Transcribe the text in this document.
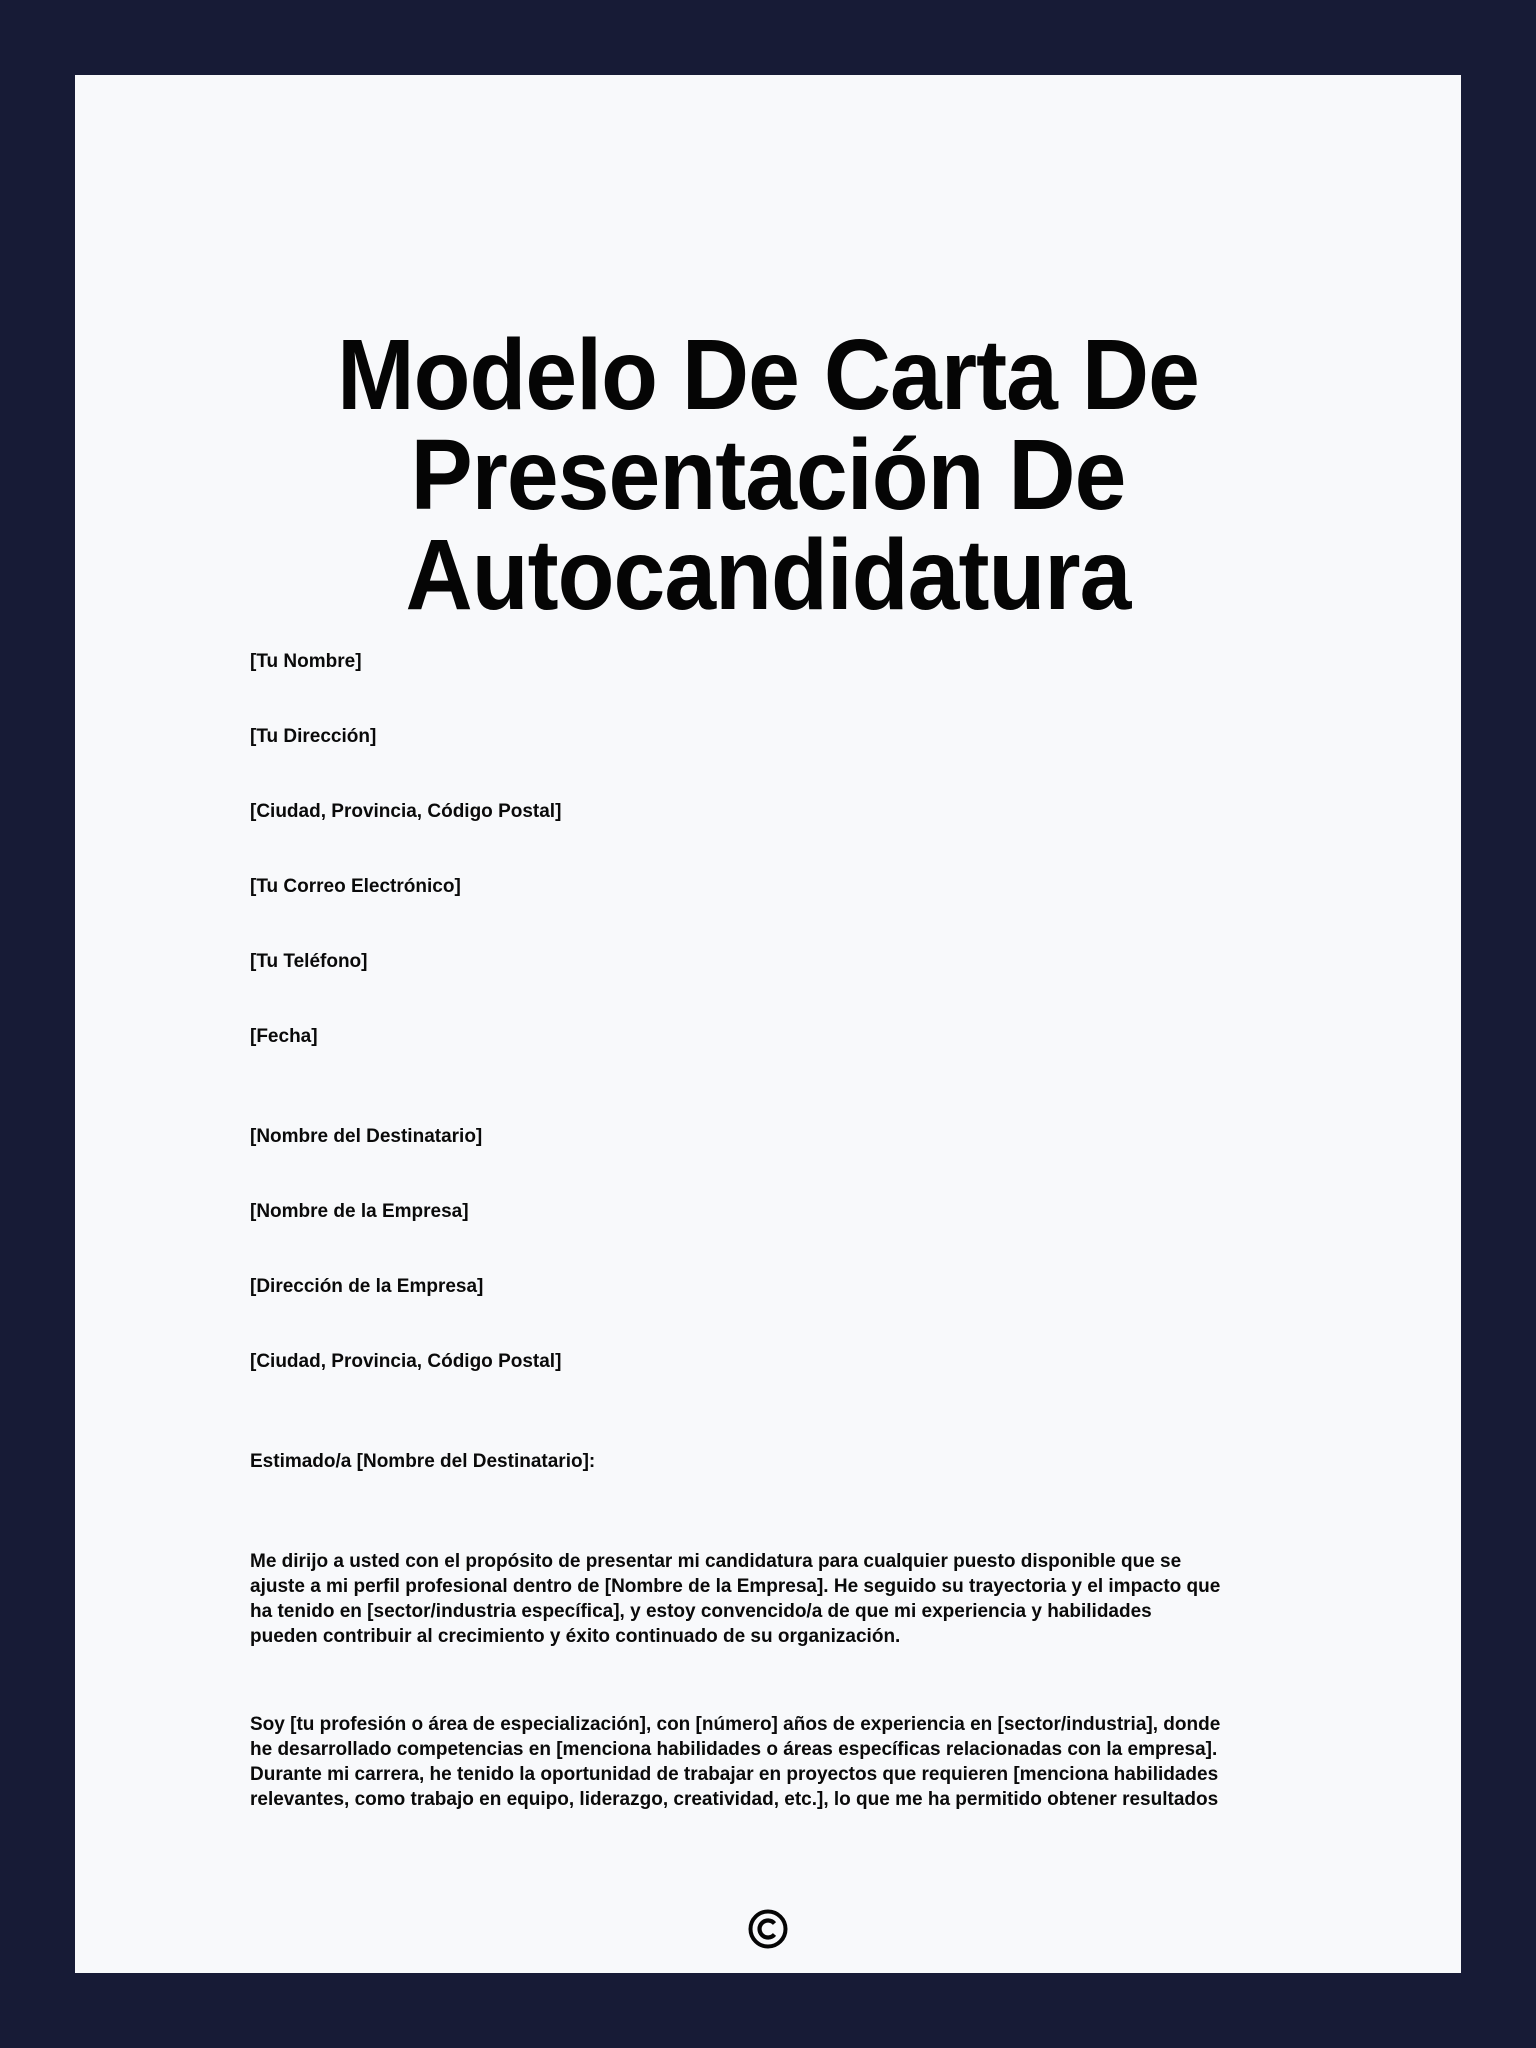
Modelo De Carta De
Presentación De
Autocandidatura

[Tu Nombre]

[Tu Dirección]

[Ciudad, Provincia, Código Postal]

[Tu Correo Electrónico]

[Tu Teléfono]

[Fecha]

[Nombre del Destinatario]

[Nombre de la Empresa]

[Dirección de la Empresa]

[Ciudad, Provincia, Código Postal]

Estimado/a [Nombre del Destinatario]:

Me dirijo a usted con el propósito de presentar mi candidatura para cualquier puesto disponible que se
ajuste a mi perfil profesional dentro de [Nombre de la Empresa]. He seguido su trayectoria y el impacto que
ha tenido en [sector/industria específica], y estoy convencido/a de que mi experiencia y habilidades
pueden contribuir al crecimiento y éxito continuado de su organización.

Soy [tu profesión o área de especialización], con [número] años de experiencia en [sector/industria], donde
he desarrollado competencias en [menciona habilidades o áreas específicas relacionadas con la empresa].
Durante mi carrera, he tenido la oportunidad de trabajar en proyectos que requieren [menciona habilidades
relevantes, como trabajo en equipo, liderazgo, creatividad, etc.], lo que me ha permitido obtener resultados
